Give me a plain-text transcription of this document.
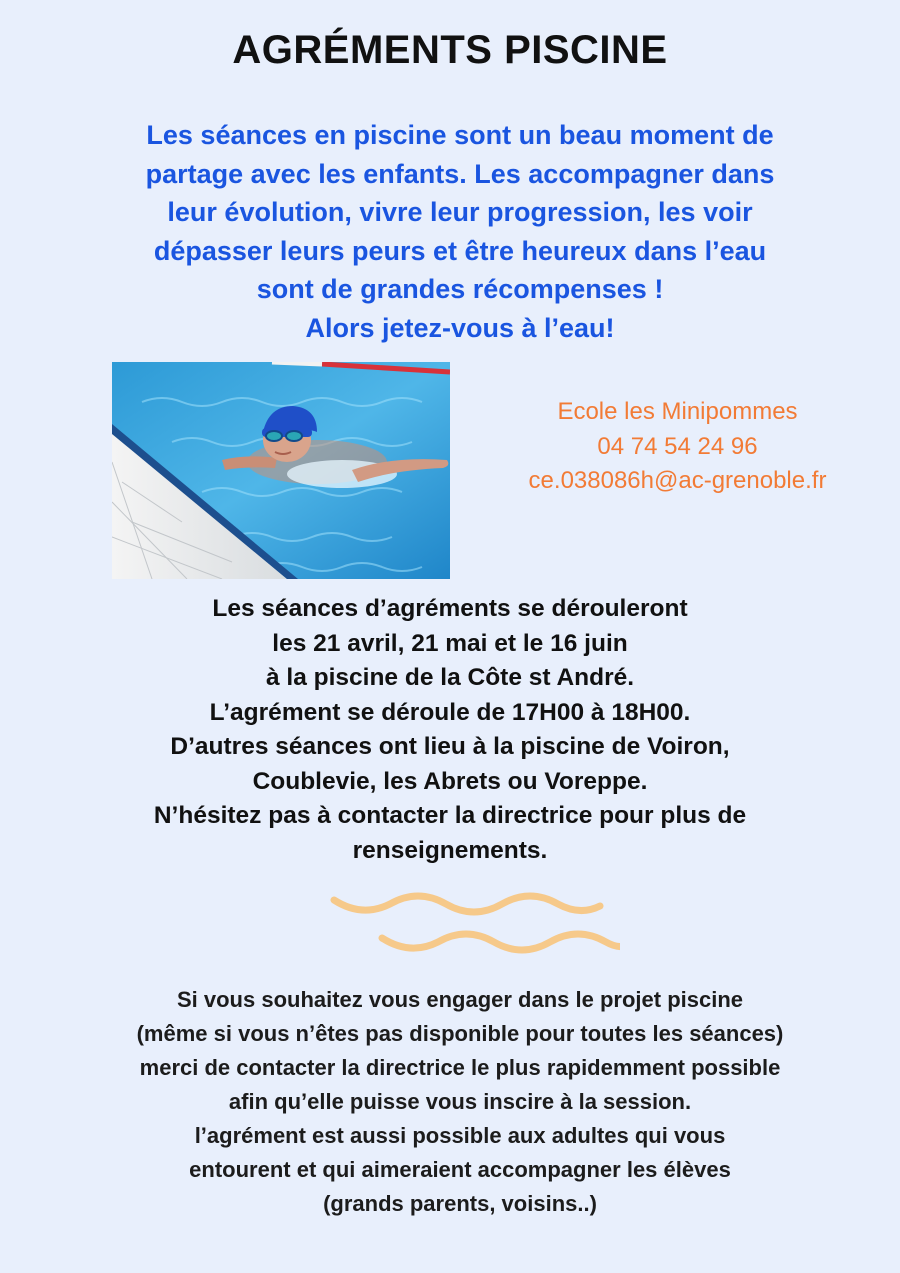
AGRÉMENTS PISCINE
Les séances en piscine sont un beau moment de
partage avec les enfants. Les accompagner dans
leur évolution, vivre leur progression, les voir
dépasser leurs peurs et être heureux dans l’eau
sont de grandes récompenses !
Alors jetez-vous à l’eau!
Ecole les Minipommes
04 74 54 24 96
ce.038086h@ac-grenoble.fr
Les séances d’agréments se dérouleront
les 21 avril, 21 mai et le 16 juin
à la piscine de la Côte st André.
L’agrément se déroule de 17H00 à 18H00.
D’autres séances ont lieu à la piscine de Voiron,
Coublevie, les Abrets ou Voreppe.
N’hésitez pas à contacter la directrice pour plus de
renseignements.
Si vous souhaitez vous engager dans le projet piscine
(même si vous n’êtes pas disponible pour toutes les séances)
merci de contacter la directrice le plus rapidemment possible
afin qu’elle puisse vous inscire à la session.
l’agrément est aussi possible aux adultes qui vous
entourent et qui aimeraient accompagner les élèves
(grands parents, voisins..)
